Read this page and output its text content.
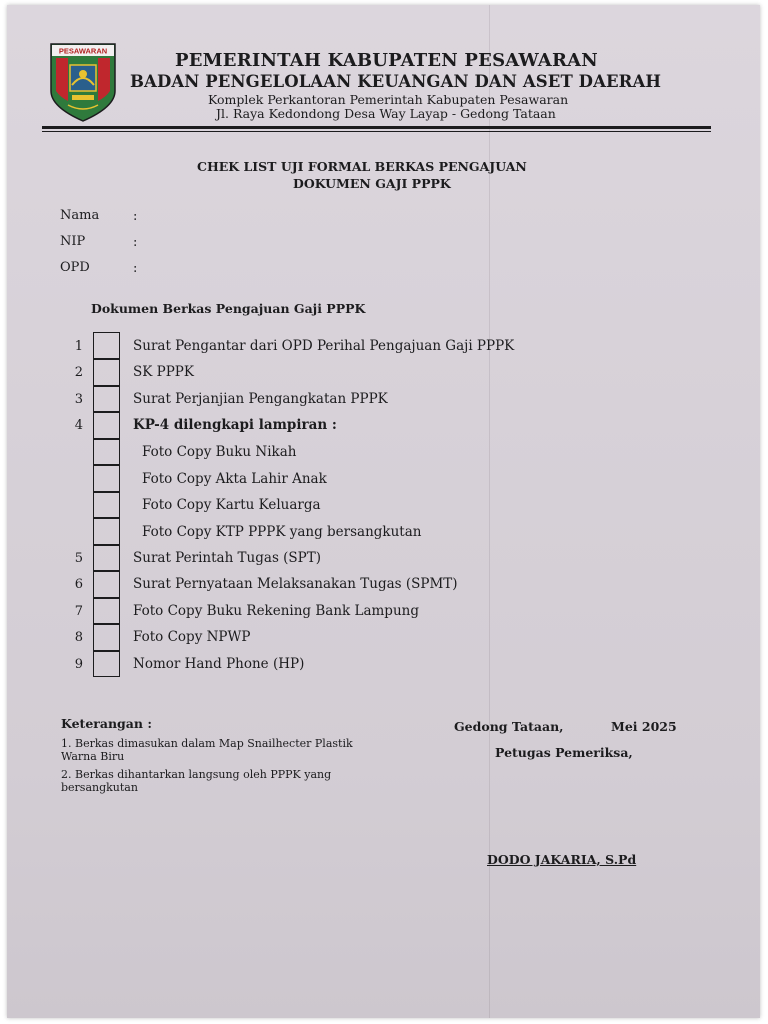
PESAWARAN	PEMERINTAH KABUPATEN PESAWARAN
BADAN PENGELOLAAN KEUANGAN DAN ASET DAERAH
Komplek Perkantoran Pemerintah Kabupaten Pesawaran
Jl. Raya Kedondong Desa Way Layap - Gedong Tataan
CHEK LIST UJI FORMAL BERKAS PENGAJUAN
DOKUMEN GAJI PPPK
Nama	:
NIP	:
OPD	:
Dokumen Berkas Pengajuan Gaji PPPK
1	Surat Pengantar dari OPD Perihal Pengajuan Gaji PPPK
2	SK PPPK
3	Surat Perjanjian Pengangkatan PPPK
4	KP-4 dilengkapi lampiran :
Foto Copy Buku Nikah
Foto Copy Akta Lahir Anak
Foto Copy Kartu Keluarga
Foto Copy KTP PPPK yang bersangkutan
5	Surat Perintah Tugas (SPT)
6	Surat Pernyataan Melaksanakan Tugas (SPMT)
7	Foto Copy Buku Rekening Bank Lampung
8	Foto Copy NPWP
9	Nomor Hand Phone (HP)
Keterangan :
1. Berkas dimasukan dalam Map Snailhecter Plastik
Warna Biru
2. Berkas dihantarkan langsung oleh PPPK yang
bersangkutan
Gedong Tataan,	Mei 2025
Petugas Pemeriksa,
DODO JAKARIA, S.Pd
